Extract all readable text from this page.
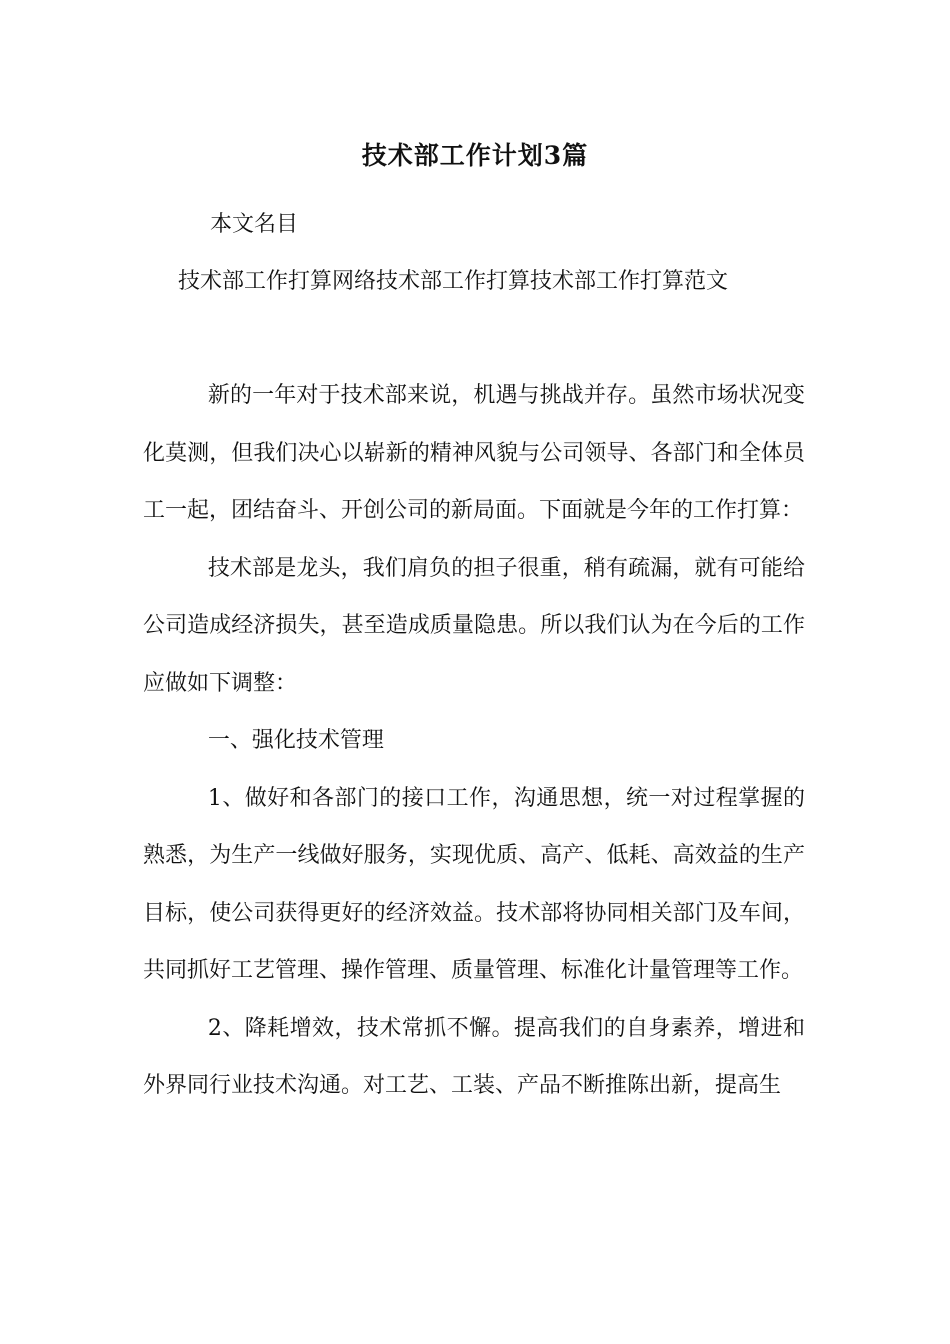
技术部工作计划3篇
本文名目
技术部工作打算网络技术部工作打算技术部工作打算范文

新的一年对于技术部来说，机遇与挑战并存。虽然市场状况变化莫测，但我们决心以崭新的精神风貌与公司领导、各部门和全体员工一起，团结奋斗、开创公司的新局面。下面就是今年的工作打算：

技术部是龙头，我们肩负的担子很重，稍有疏漏，就有可能给公司造成经济损失，甚至造成质量隐患。所以我们认为在今后的工作应做如下调整：

一、强化技术管理

1、做好和各部门的接口工作，沟通思想，统一对过程掌握的熟悉，为生产一线做好服务，实现优质、高产、低耗、高效益的生产目标，使公司获得更好的经济效益。技术部将协同相关部门及车间，共同抓好工艺管理、操作管理、质量管理、标准化计量管理等工作。

2、降耗增效，技术常抓不懈。提高我们的自身素养，增进和外界同行业技术沟通。对工艺、工装、产品不断推陈出新，提高生
